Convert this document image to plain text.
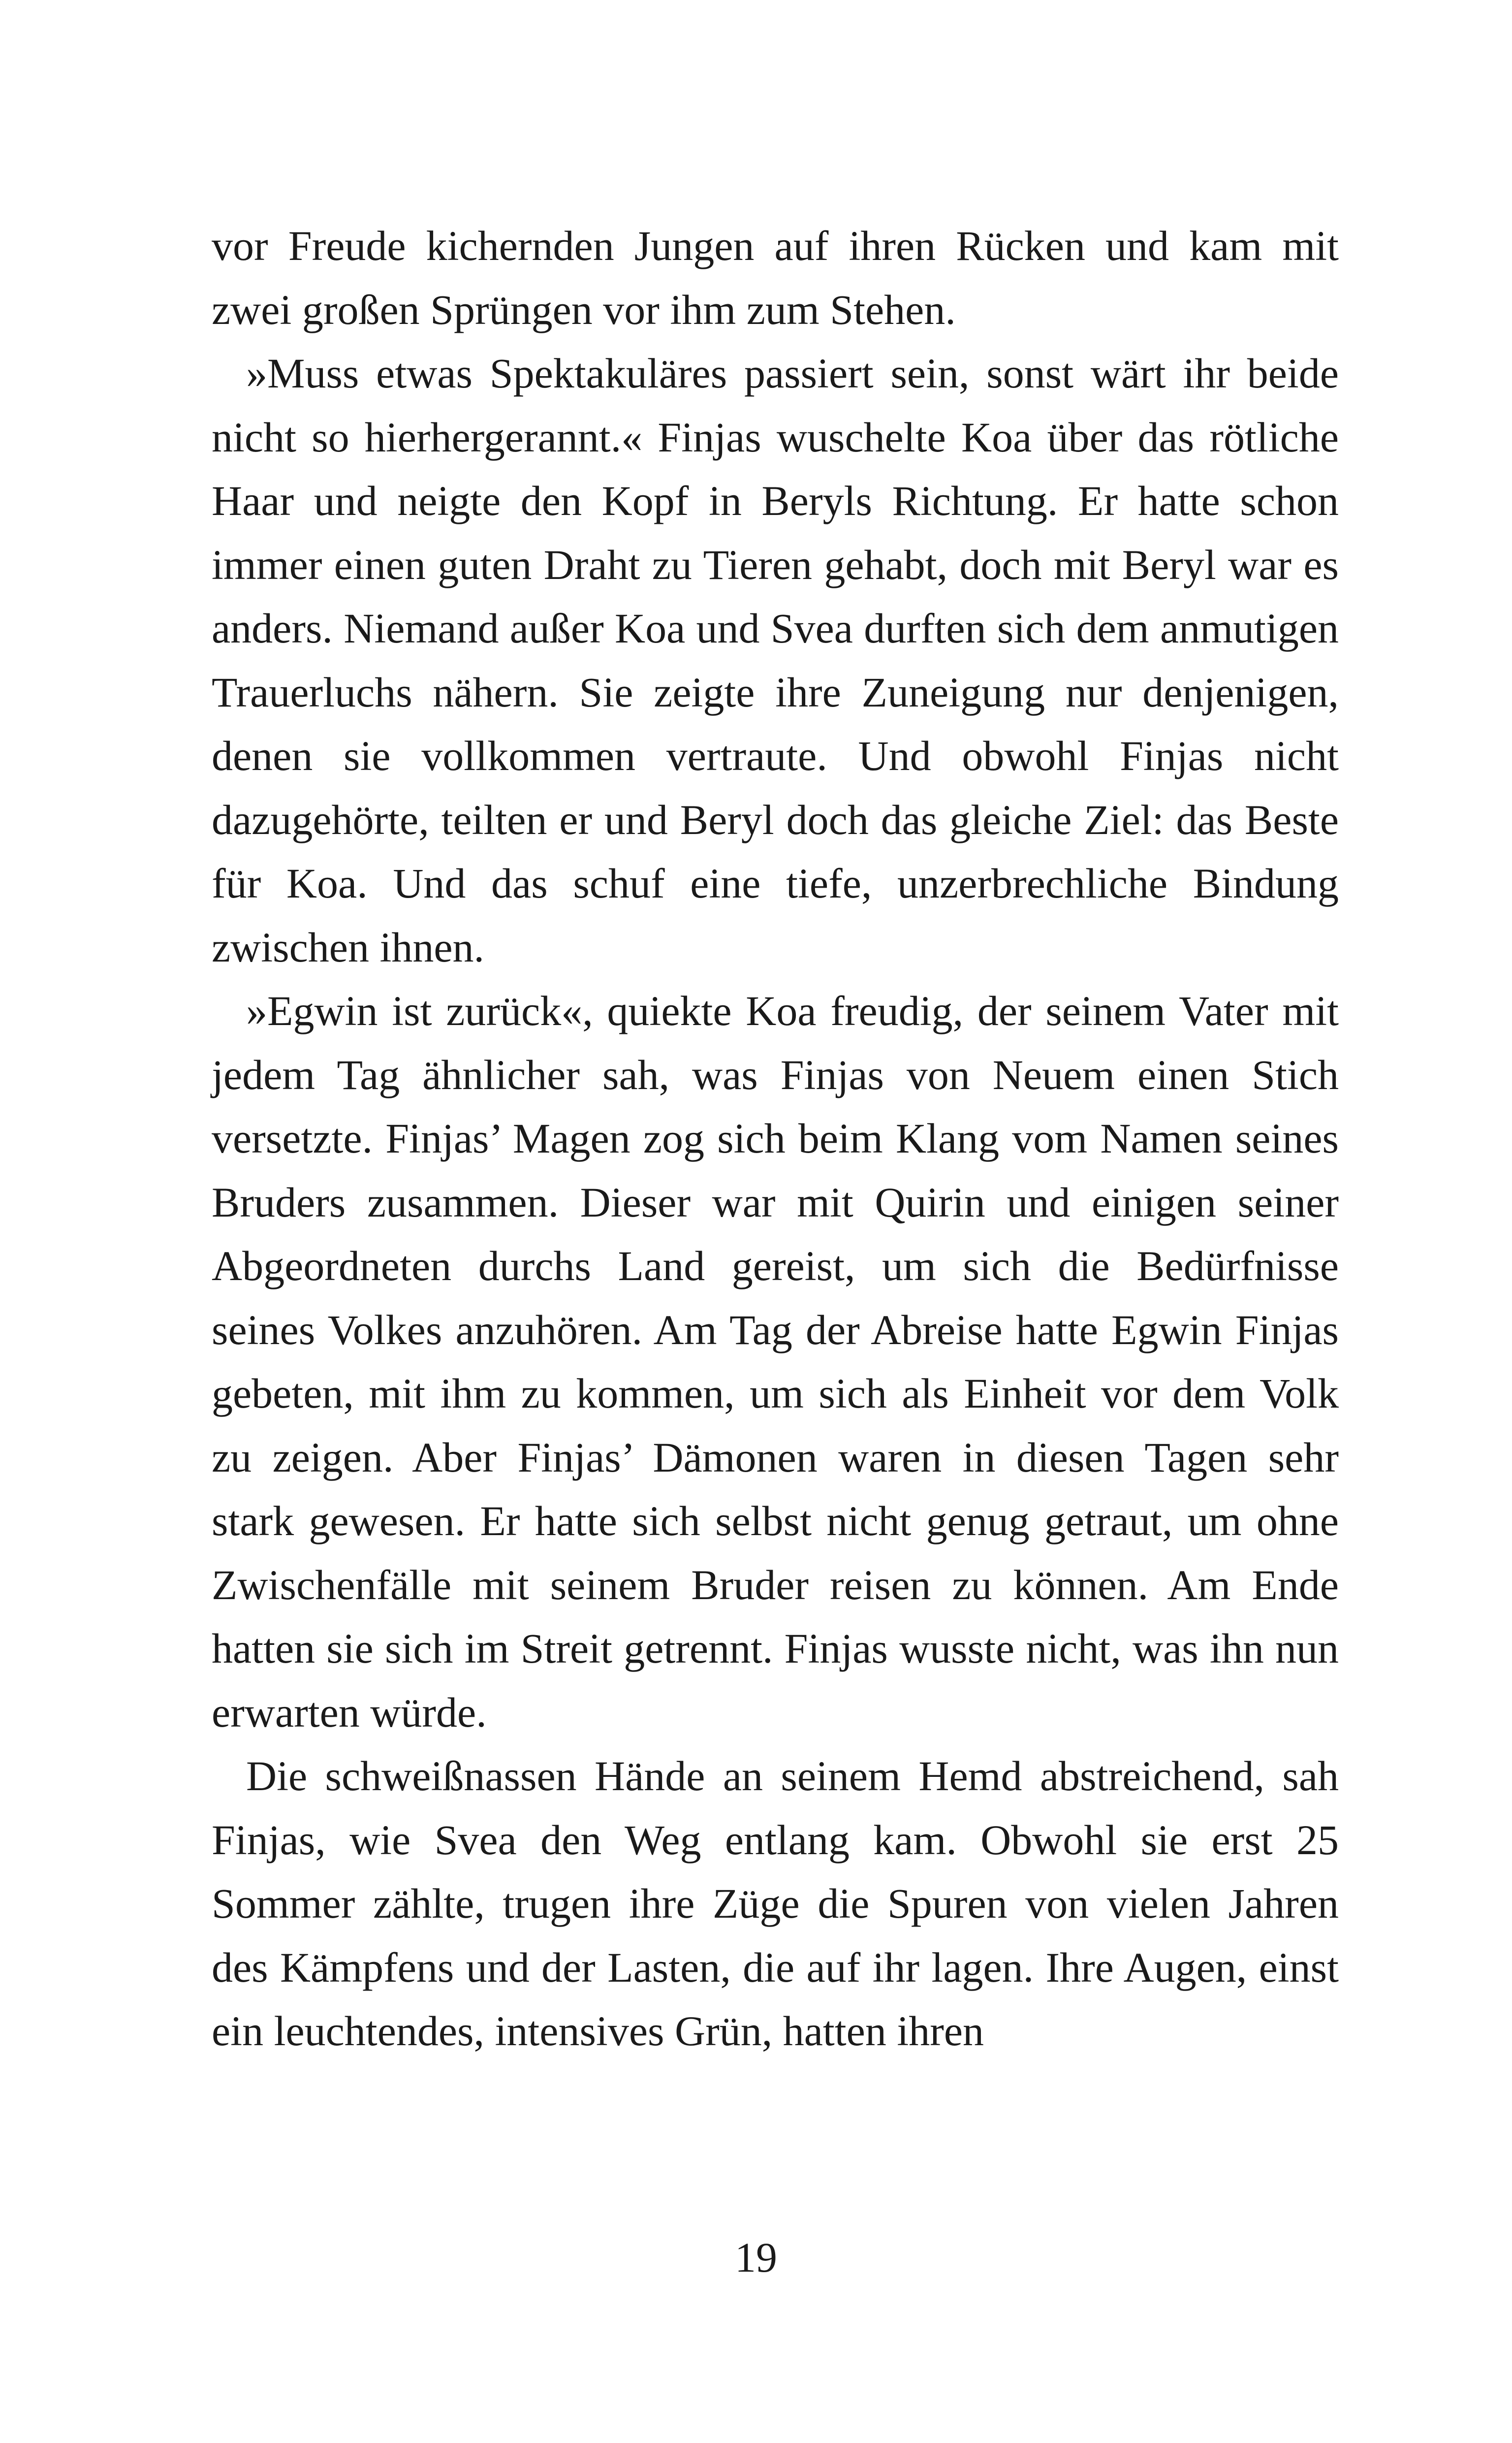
vor Freude kichernden Jungen auf ihren Rücken und kam mit zwei großen Sprüngen vor ihm zum Stehen.

»Muss etwas Spektakuläres passiert sein, sonst wärt ihr beide nicht so hierhergerannt.« Finjas wuschelte Koa über das rötliche Haar und neigte den Kopf in Beryls Richtung. Er hatte schon immer einen guten Draht zu Tieren gehabt, doch mit Beryl war es anders. Niemand außer Koa und Svea durften sich dem anmutigen Trauerluchs nähern. Sie zeigte ihre Zuneigung nur denjenigen, denen sie vollkommen vertraute. Und obwohl Finjas nicht dazugehörte, teilten er und Beryl doch das gleiche Ziel: das Beste für Koa. Und das schuf eine tiefe, unzerbrechliche Bindung zwischen ihnen.

»Egwin ist zurück«, quiekte Koa freudig, der seinem Vater mit jedem Tag ähnlicher sah, was Finjas von Neuem einen Stich versetzte. Finjas’ Magen zog sich beim Klang vom Namen seines Bruders zusammen. Dieser war mit Quirin und einigen seiner Abgeordneten durchs Land gereist, um sich die Bedürfnisse seines Volkes anzuhören. Am Tag der Abreise hatte Egwin Finjas gebeten, mit ihm zu kommen, um sich als Einheit vor dem Volk zu zeigen. Aber Finjas’ Dämonen waren in diesen Tagen sehr stark gewesen. Er hatte sich selbst nicht genug getraut, um ohne Zwischenfälle mit seinem Bruder reisen zu können. Am Ende hatten sie sich im Streit getrennt. Finjas wusste nicht, was ihn nun erwarten würde.

Die schweißnassen Hände an seinem Hemd abstreichend, sah Finjas, wie Svea den Weg entlang kam. Obwohl sie erst 25 Sommer zählte, trugen ihre Züge die Spuren von vielen Jahren des Kämpfens und der Lasten, die auf ihr lagen. Ihre Augen, einst ein leuchtendes, intensives Grün, hatten ihren

19
